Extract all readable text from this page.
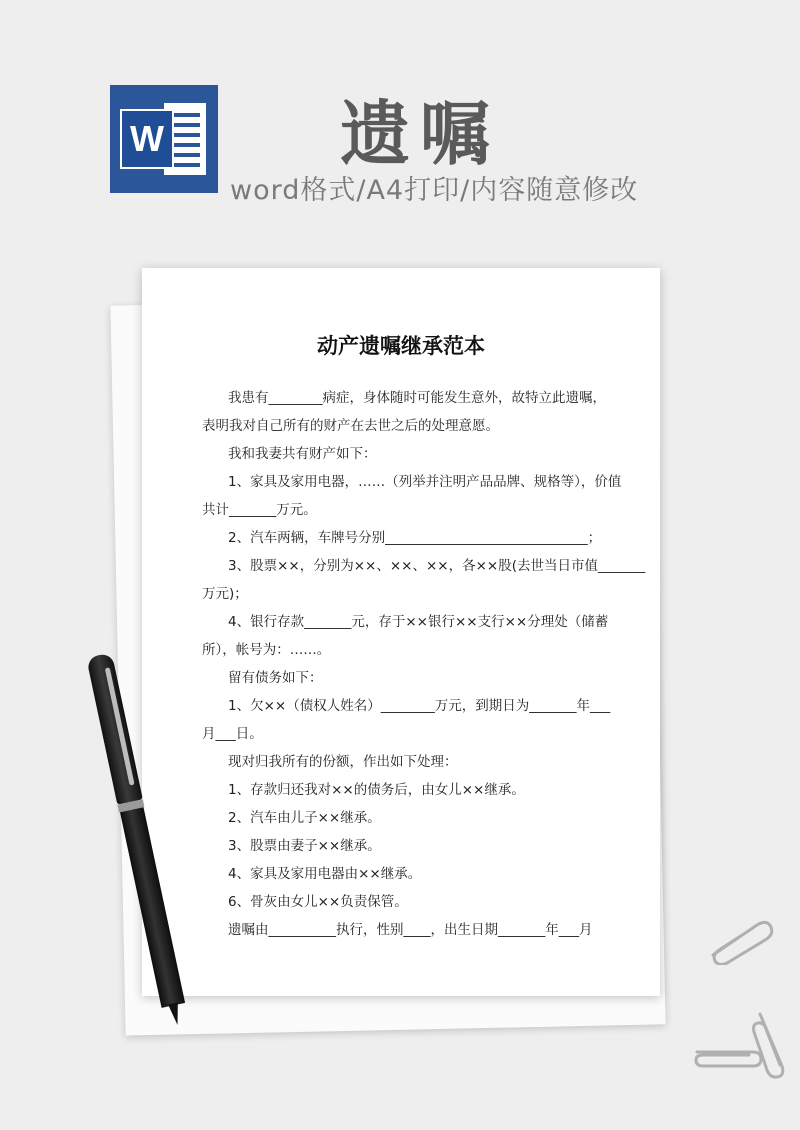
W	遗嘱
word格式/A4打印/内容随意修改
动产遗嘱继承范本
我患有________病症，身体随时可能发生意外，故特立此遗嘱，
表明我对自己所有的财产在去世之后的处理意愿。
我和我妻共有财产如下：
1、家具及家用电器，……（列举并注明产品品牌、规格等），价值
共计_______万元。
2、汽车两辆，车牌号分别______________________________；
3、股票××，分别为××、××、××，各××股(去世当日市值_______
万元)；
4、银行存款_______元，存于××银行××支行××分理处（储蓄
所），帐号为：……。
留有债务如下：
1、欠××（债权人姓名）________万元，到期日为_______年___
月___日。
现对归我所有的份额，作出如下处理：
1、存款归还我对××的债务后，由女儿××继承。
2、汽车由儿子××继承。
3、股票由妻子××继承。
4、家具及家用电器由××继承。
6、骨灰由女儿××负责保管。
遗嘱由__________执行，性别____，出生日期_______年___月
